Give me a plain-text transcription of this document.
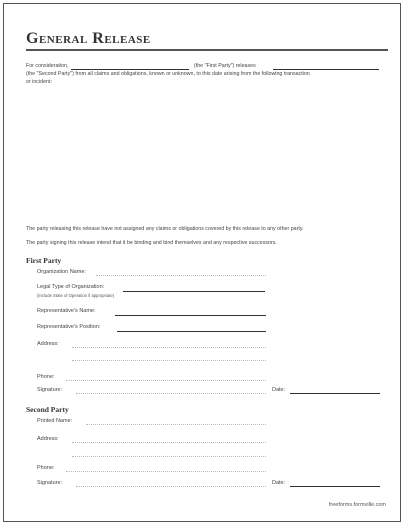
General Release
For consideration,	(the "First Party") releases
(the "Second Party") from all claims and obligations, known or unknown, to this date arising from the following transaction
or incident:
The party releasing this release have not assigned any claims or obligations covered by this release to any other party.
The party signing this release intend that it be binding and bind themselves and any respective successors.
First Party
Organization Name:
Legal Type of Organization:
(Include State of Operation if appropriate)
Representative's Name:
Representative's Position:
Address:
Phone:
Signature:	Date:
Second Party
Printed Name:
Address:
Phone:
Signature:	Date:
freeforms.formville.com
